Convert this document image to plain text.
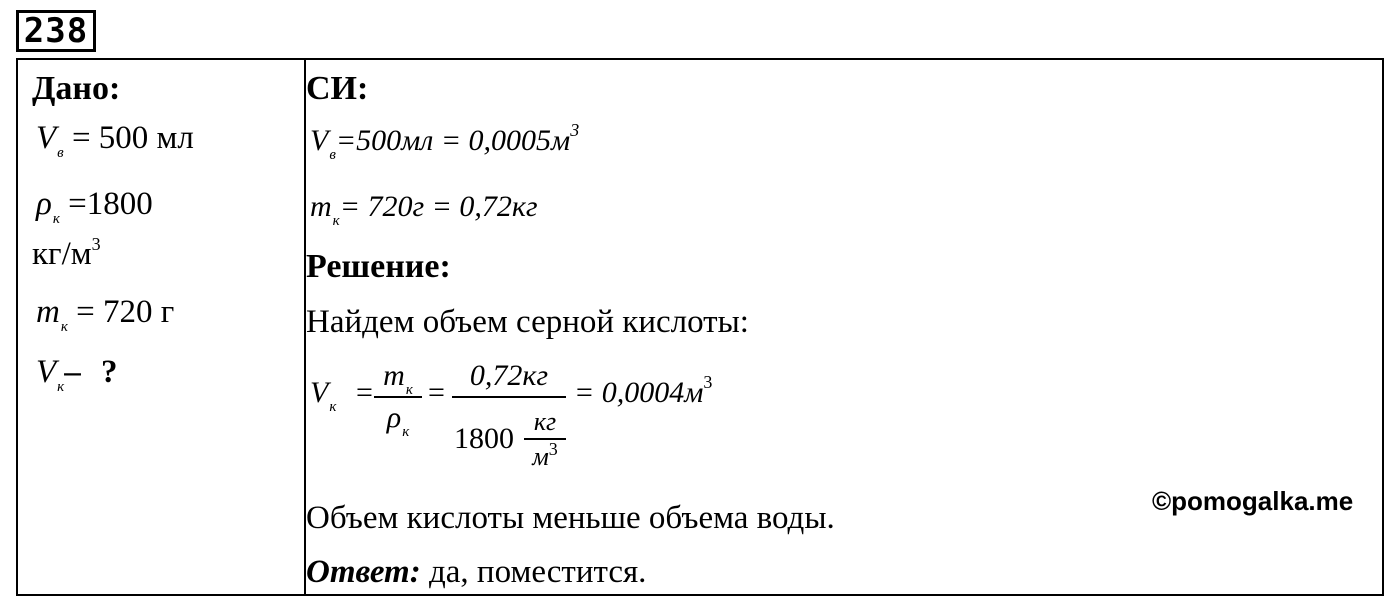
238
Дано:
$V_в = 500$ мл
$\rho_к =1800$
$кг/м^3$
$m_к = 720$ г
$V_к-$ ?
СИ:
$V_в=500мл = 0,0005м^3$
$m_к= 720г = 0,72кг$
Решение:
Найдем объем серной кислоты:
$V_к$ =
$m_к$
$\rho_к$
=
0,72кг
1800
кг
$м^3$
= $0,0004м^3$
Объем кислоты меньше объема воды.
Ответ: да, поместится.
©pomogalka.me
